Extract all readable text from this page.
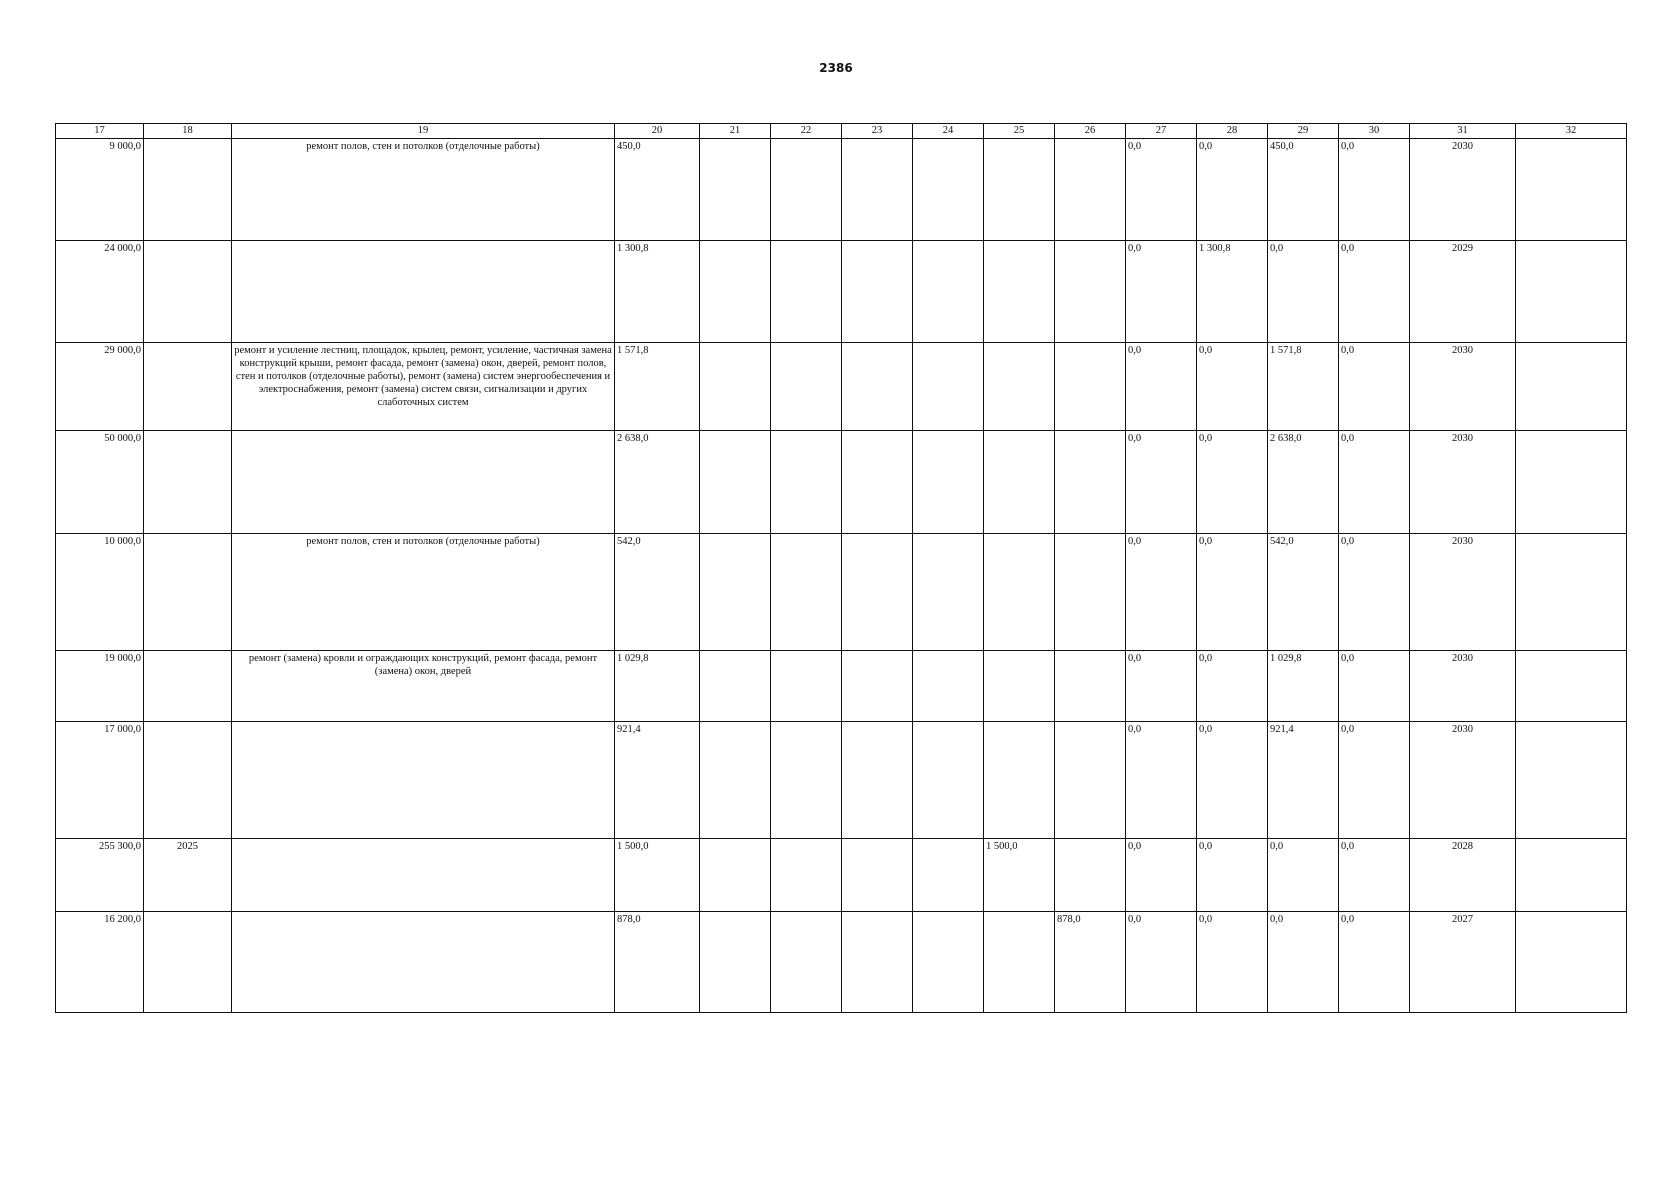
2386
17	18	19	20	21	22	23	24	25	26	27	28	29	30	31	32
9 000,0		ремонт полов, стен и потолков (отделочные работы)	450,0							0,0	0,0	450,0	0,0	2030	
24 000,0			1 300,8							0,0	1 300,8	0,0	0,0	2029	
29 000,0		ремонт и усиление лестниц, площадок, крылец, ремонт, усиление, частичная замена конструкций крыши, ремонт фасада, ремонт (замена) окон, дверей, ремонт полов, стен и потолков (отделочные работы), ремонт (замена) систем энергообеспечения и электроснабжения, ремонт (замена) систем связи, сигнализации и других слаботочных систем	1 571,8							0,0	0,0	1 571,8	0,0	2030	
50 000,0			2 638,0							0,0	0,0	2 638,0	0,0	2030	
10 000,0		ремонт полов, стен и потолков (отделочные работы)	542,0							0,0	0,0	542,0	0,0	2030	
19 000,0		ремонт (замена) кровли и ограждающих конструкций, ремонт фасада, ремонт (замена) окон, дверей	1 029,8							0,0	0,0	1 029,8	0,0	2030	
17 000,0			921,4							0,0	0,0	921,4	0,0	2030	
255 300,0	2025		1 500,0					1 500,0		0,0	0,0	0,0	0,0	2028	
16 200,0			878,0						878,0	0,0	0,0	0,0	0,0	2027	
